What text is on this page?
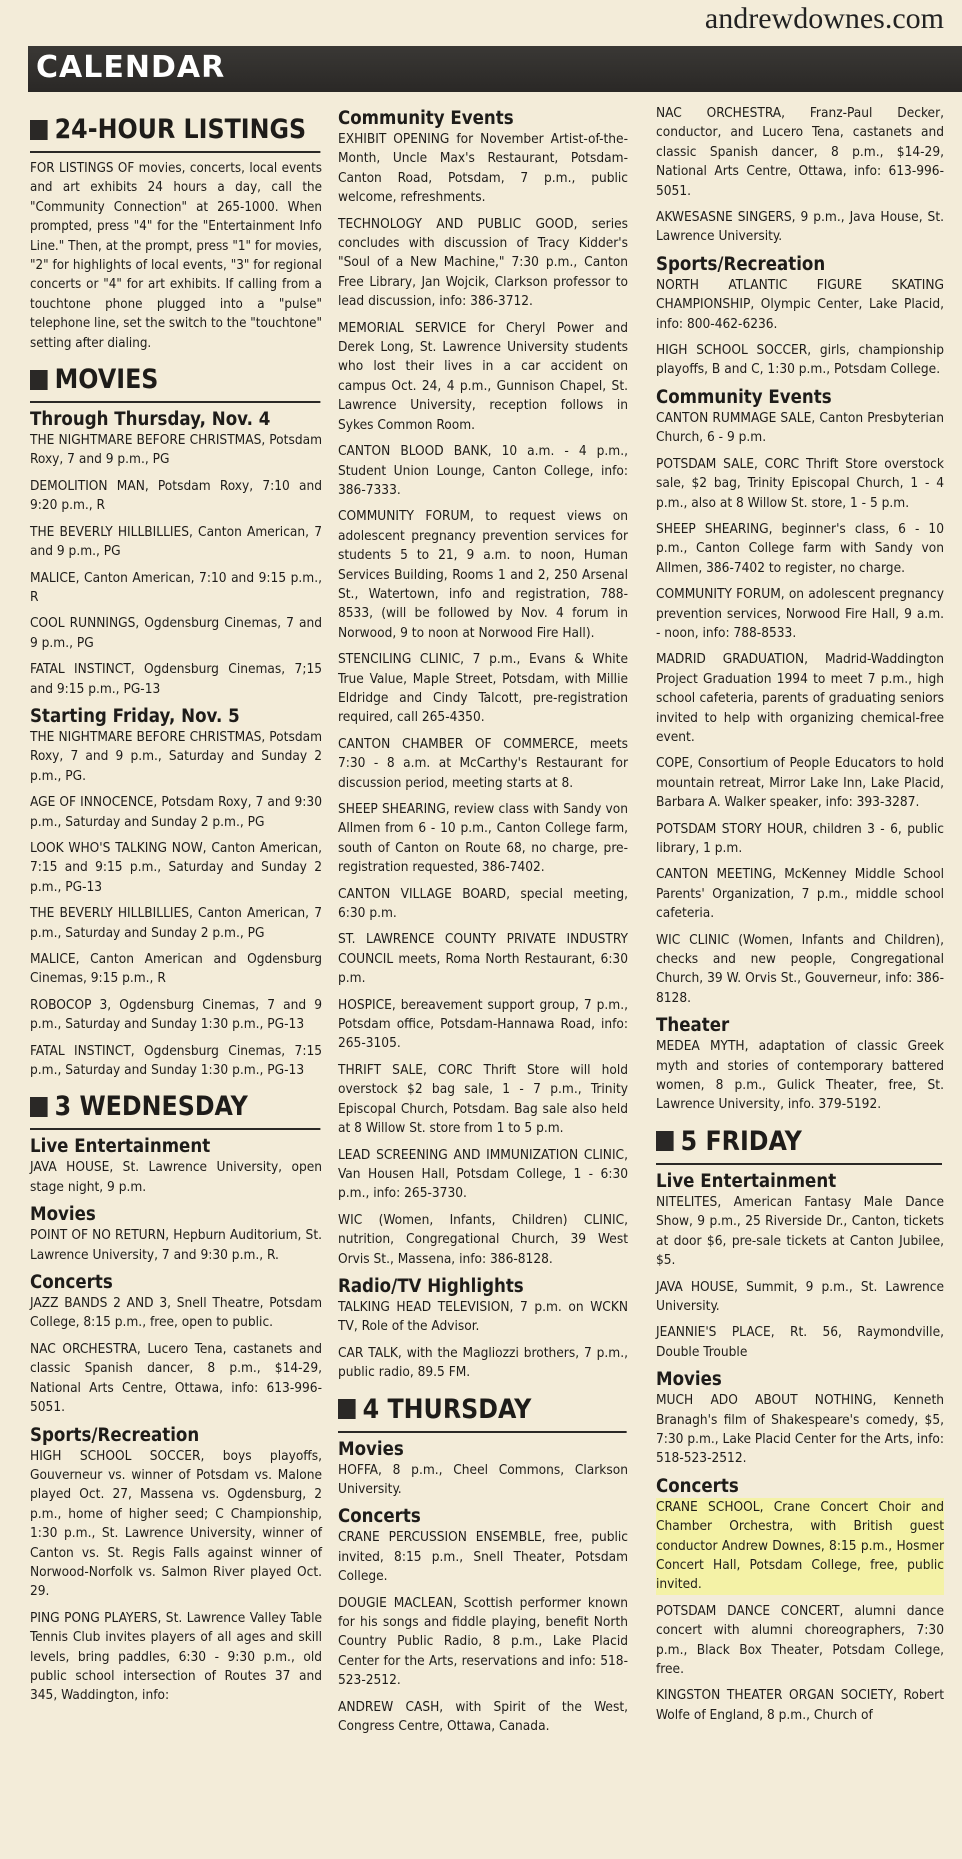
andrewdownes.com
CALENDAR
24-HOUR LISTINGS
FOR LISTINGS OF movies, concerts, local events and art exhibits 24 hours a day, call the "Community Connection" at 265-1000. When prompted, press "4" for the "Entertainment Info Line." Then, at the prompt, press "1" for movies, "2" for highlights of local events, "3" for regional concerts or "4" for art exhibits. If calling from a touchtone phone plugged into a "pulse" telephone line, set the switch to the "touchtone" setting after dialing.
MOVIES
Through Thursday, Nov. 4
THE NIGHTMARE BEFORE CHRISTMAS, Potsdam Roxy, 7 and 9 p.m., PG
DEMOLITION MAN, Potsdam Roxy, 7:10 and 9:20 p.m., R
THE BEVERLY HILLBILLIES, Canton American, 7 and 9 p.m., PG
MALICE, Canton American, 7:10 and 9:15 p.m., R
COOL RUNNINGS, Ogdensburg Cinemas, 7 and 9 p.m., PG
FATAL INSTINCT, Ogdensburg Cinemas, 7;15 and 9:15 p.m., PG-13
Starting Friday, Nov. 5
THE NIGHTMARE BEFORE CHRISTMAS, Potsdam Roxy, 7 and 9 p.m., Saturday and Sunday 2 p.m., PG.
AGE OF INNOCENCE, Potsdam Roxy, 7 and 9:30 p.m., Saturday and Sunday 2 p.m., PG
LOOK WHO'S TALKING NOW, Canton American, 7:15 and 9:15 p.m., Saturday and Sunday 2 p.m., PG-13
THE BEVERLY HILLBILLIES, Canton American, 7 p.m., Saturday and Sunday 2 p.m., PG
MALICE, Canton American and Ogdensburg Cinemas, 9:15 p.m., R
ROBOCOP 3, Ogdensburg Cinemas, 7 and 9 p.m., Saturday and Sunday 1:30 p.m., PG-13
FATAL INSTINCT, Ogdensburg Cinemas, 7:15 p.m., Saturday and Sunday 1:30 p.m., PG-13
3 WEDNESDAY
Live Entertainment
JAVA HOUSE, St. Lawrence University, open stage night, 9 p.m.
Movies
POINT OF NO RETURN, Hepburn Auditorium, St. Lawrence University, 7 and 9:30 p.m., R.
Concerts
JAZZ BANDS 2 AND 3, Snell Theatre, Potsdam College, 8:15 p.m., free, open to public.
NAC ORCHESTRA, Lucero Tena, castanets and classic Spanish dancer, 8 p.m., $14-29, National Arts Centre, Ottawa, info: 613-996-5051.
Sports/Recreation
HIGH SCHOOL SOCCER, boys playoffs, Gouverneur vs. winner of Potsdam vs. Malone played Oct. 27, Massena vs. Ogdensburg, 2 p.m., home of higher seed; C Championship, 1:30 p.m., St. Lawrence University, winner of Canton vs. St. Regis Falls against winner of Norwood-Norfolk vs. Salmon River played Oct. 29.
PING PONG PLAYERS, St. Lawrence Valley Table Tennis Club invites players of all ages and skill levels, bring paddles, 6:30 - 9:30 p.m., old public school intersection of Routes 37 and 345, Waddington, info:
Community Events
EXHIBIT OPENING for November Artist-of-the-Month, Uncle Max's Restaurant, Potsdam-Canton Road, Potsdam, 7 p.m., public welcome, refreshments.
TECHNOLOGY AND PUBLIC GOOD, series concludes with discussion of Tracy Kidder's "Soul of a New Machine," 7:30 p.m., Canton Free Library, Jan Wojcik, Clarkson professor to lead discussion, info: 386-3712.
MEMORIAL SERVICE for Cheryl Power and Derek Long, St. Lawrence University students who lost their lives in a car accident on campus Oct. 24, 4 p.m., Gunnison Chapel, St. Lawrence University, reception follows in Sykes Common Room.
CANTON BLOOD BANK, 10 a.m. - 4 p.m., Student Union Lounge, Canton College, info: 386-7333.
COMMUNITY FORUM, to request views on adolescent pregnancy prevention services for students 5 to 21, 9 a.m. to noon, Human Services Building, Rooms 1 and 2, 250 Arsenal St., Watertown, info and registration, 788-8533, (will be followed by Nov. 4 forum in Norwood, 9 to noon at Norwood Fire Hall).
STENCILING CLINIC, 7 p.m., Evans & White True Value, Maple Street, Potsdam, with Millie Eldridge and Cindy Talcott, pre-registration required, call 265-4350.
CANTON CHAMBER OF COMMERCE, meets 7:30 - 8 a.m. at McCarthy's Restaurant for discussion period, meeting starts at 8.
SHEEP SHEARING, review class with Sandy von Allmen from 6 - 10 p.m., Canton College farm, south of Canton on Route 68, no charge, pre-registration requested, 386-7402.
CANTON VILLAGE BOARD, special meeting, 6:30 p.m.
ST. LAWRENCE COUNTY PRIVATE INDUSTRY COUNCIL meets, Roma North Restaurant, 6:30 p.m.
HOSPICE, bereavement support group, 7 p.m., Potsdam office, Potsdam-Hannawa Road, info: 265-3105.
THRIFT SALE, CORC Thrift Store will hold overstock $2 bag sale, 1 - 7 p.m., Trinity Episcopal Church, Potsdam. Bag sale also held at 8 Willow St. store from 1 to 5 p.m.
LEAD SCREENING AND IMMUNIZATION CLINIC, Van Housen Hall, Potsdam College, 1 - 6:30 p.m., info: 265-3730.
WIC (Women, Infants, Children) CLINIC, nutrition, Congregational Church, 39 West Orvis St., Massena, info: 386-8128.
Radio/TV Highlights
TALKING HEAD TELEVISION, 7 p.m. on WCKN TV, Role of the Advisor.
CAR TALK, with the Magliozzi brothers, 7 p.m., public radio, 89.5 FM.
4 THURSDAY
Movies
HOFFA, 8 p.m., Cheel Commons, Clarkson University.
Concerts
CRANE PERCUSSION ENSEMBLE, free, public invited, 8:15 p.m., Snell Theater, Potsdam College.
DOUGIE MACLEAN, Scottish performer known for his songs and fiddle playing, benefit North Country Public Radio, 8 p.m., Lake Placid Center for the Arts, reservations and info: 518-523-2512.
ANDREW CASH, with Spirit of the West, Congress Centre, Ottawa, Canada.
NAC ORCHESTRA, Franz-Paul Decker, conductor, and Lucero Tena, castanets and classic Spanish dancer, 8 p.m., $14-29, National Arts Centre, Ottawa, info: 613-996-5051.
AKWESASNE SINGERS, 9 p.m., Java House, St. Lawrence University.
Sports/Recreation
NORTH ATLANTIC FIGURE SKATING CHAMPIONSHIP, Olympic Center, Lake Placid, info: 800-462-6236.
HIGH SCHOOL SOCCER, girls, championship playoffs, B and C, 1:30 p.m., Potsdam College.
Community Events
CANTON RUMMAGE SALE, Canton Presbyterian Church, 6 - 9 p.m.
POTSDAM SALE, CORC Thrift Store overstock sale, $2 bag, Trinity Episcopal Church, 1 - 4 p.m., also at 8 Willow St. store, 1 - 5 p.m.
SHEEP SHEARING, beginner's class, 6 - 10 p.m., Canton College farm with Sandy von Allmen, 386-7402 to register, no charge.
COMMUNITY FORUM, on adolescent pregnancy prevention services, Norwood Fire Hall, 9 a.m. - noon, info: 788-8533.
MADRID GRADUATION, Madrid-Waddington Project Graduation 1994 to meet 7 p.m., high school cafeteria, parents of graduating seniors invited to help with organizing chemical-free event.
COPE, Consortium of People Educators to hold mountain retreat, Mirror Lake Inn, Lake Placid, Barbara A. Walker speaker, info: 393-3287.
POTSDAM STORY HOUR, children 3 - 6, public library, 1 p.m.
CANTON MEETING, McKenney Middle School Parents' Organization, 7 p.m., middle school cafeteria.
WIC CLINIC (Women, Infants and Children), checks and new people, Congregational Church, 39 W. Orvis St., Gouverneur, info: 386-8128.
Theater
MEDEA MYTH, adaptation of classic Greek myth and stories of contemporary battered women, 8 p.m., Gulick Theater, free, St. Lawrence University, info. 379-5192.
5 FRIDAY
Live Entertainment
NITELITES, American Fantasy Male Dance Show, 9 p.m., 25 Riverside Dr., Canton, tickets at door $6, pre-sale tickets at Canton Jubilee, $5.
JAVA HOUSE, Summit, 9 p.m., St. Lawrence University.
JEANNIE'S PLACE, Rt. 56, Raymondville, Double Trouble
Movies
MUCH ADO ABOUT NOTHING, Kenneth Branagh's film of Shakespeare's comedy, $5, 7:30 p.m., Lake Placid Center for the Arts, info: 518-523-2512.
Concerts
CRANE SCHOOL, Crane Concert Choir and Chamber Orchestra, with British guest conductor Andrew Downes, 8:15 p.m., Hosmer Concert Hall, Potsdam College, free, public invited.
POTSDAM DANCE CONCERT, alumni dance concert with alumni choreographers, 7:30 p.m., Black Box Theater, Potsdam College, free.
KINGSTON THEATER ORGAN SOCIETY, Robert Wolfe of England, 8 p.m., Church of
